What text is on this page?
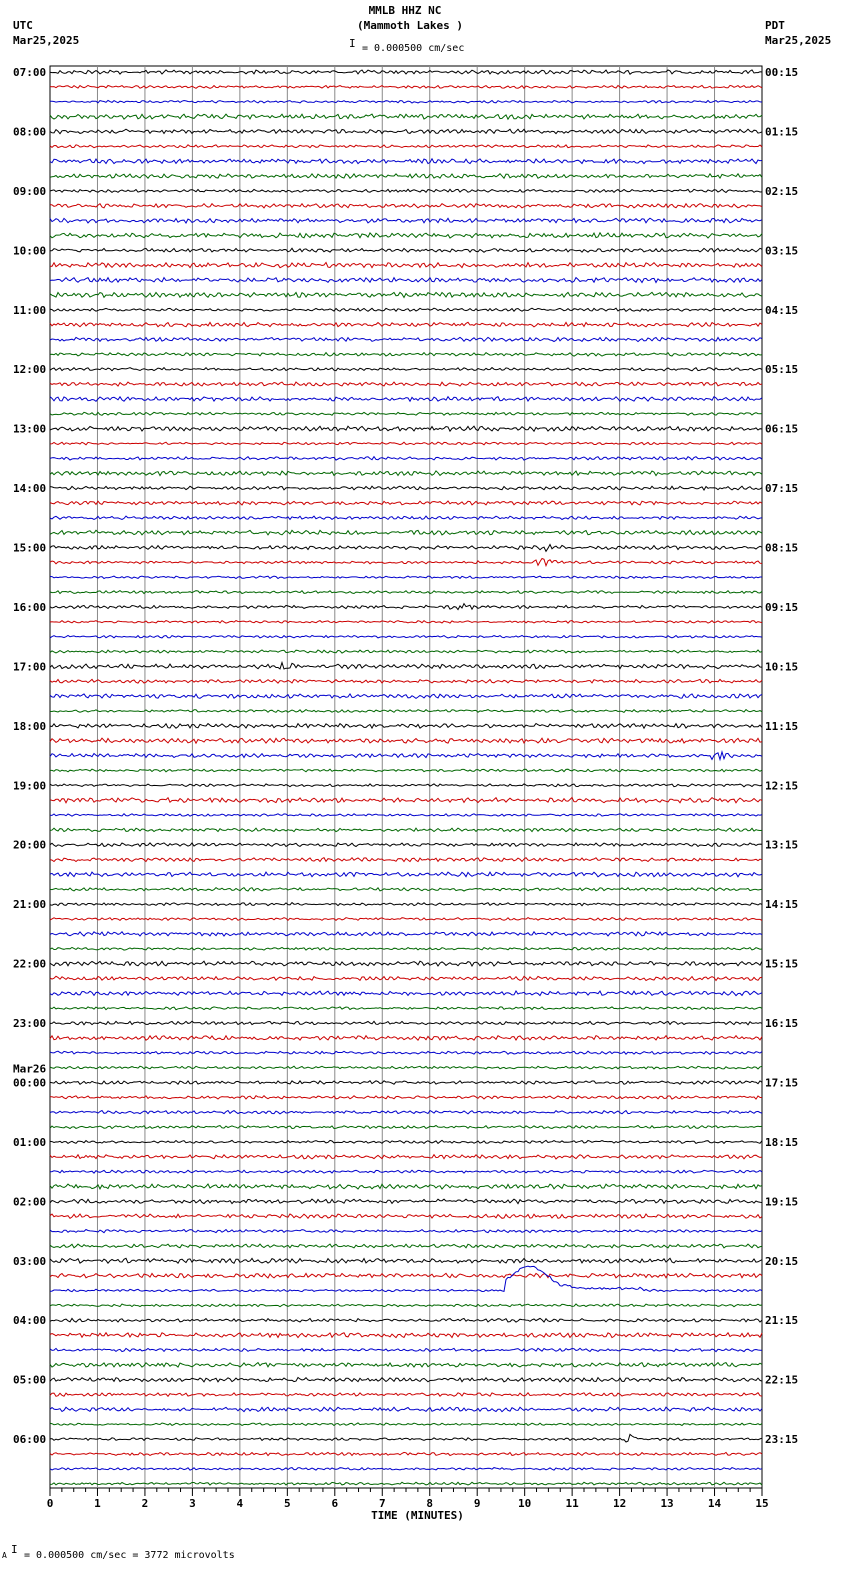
0	1	2	3	4	5	6	7	8	9	10	11	12	13	14	15
07:00
08:00
09:00
10:00
11:00
12:00
13:00
14:00
15:00
16:00
17:00
18:00
19:00
20:00
21:00
22:00
23:00
00:00
01:00
02:00
03:00
04:00
05:00
06:00
00:15
01:15
02:15
03:15
04:15
05:15
06:15
07:15
08:15
09:15
10:15
11:15
12:15
13:15
14:15
15:15
16:15
17:15
18:15
19:15
20:15
21:15
22:15
23:15
Mar26
MMLB HHZ NC
(Mammoth Lakes )
I = 0.000500 cm/sec
UTC
Mar25,2025
PDT
Mar25,2025
TIME (MINUTES)
A I = 0.000500 cm/sec = 3772 microvolts
